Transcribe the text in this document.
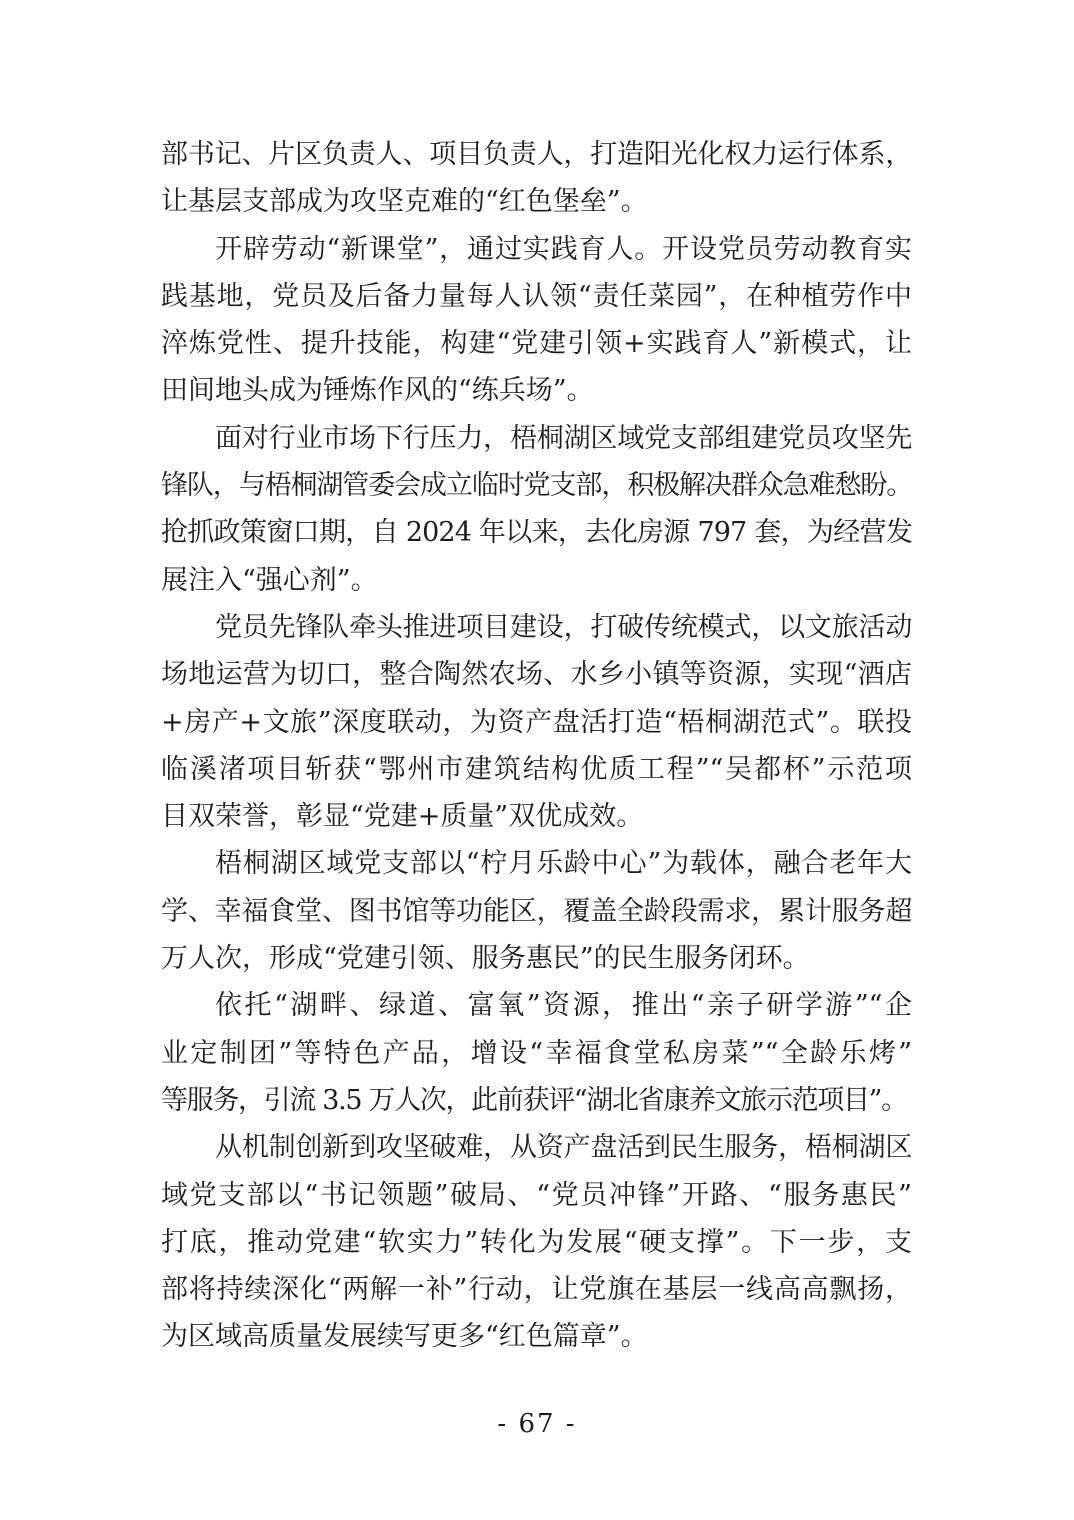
部书记、片区负责人、项目负责人，打造阳光化权力运行体系，
让基层支部成为攻坚克难的“红色堡垒”。
开辟劳动“新课堂”，通过实践育人。开设党员劳动教育实
践基地，党员及后备力量每人认领“责任菜园”，在种植劳作中
淬炼党性、提升技能，构建“党建引领+实践育人”新模式，让
田间地头成为锤炼作风的“练兵场”。
面对行业市场下行压力，梧桐湖区域党支部组建党员攻坚先
锋队，与梧桐湖管委会成立临时党支部，积极解决群众急难愁盼。
抢抓政策窗口期，自 2024 年以来，去化房源 797 套，为经营发
展注入“强心剂”。
党员先锋队牵头推进项目建设，打破传统模式，以文旅活动
场地运营为切口，整合陶然农场、水乡小镇等资源，实现“酒店
+房产+文旅”深度联动，为资产盘活打造“梧桐湖范式”。联投
临溪渚项目斩获“鄂州市建筑结构优质工程”“吴都杯”示范项
目双荣誉，彰显“党建+质量”双优成效。
梧桐湖区域党支部以“柠月乐龄中心”为载体，融合老年大
学、幸福食堂、图书馆等功能区，覆盖全龄段需求，累计服务超
万人次，形成“党建引领、服务惠民”的民生服务闭环。
依托“湖畔、绿道、富氧”资源，推出“亲子研学游”“企
业定制团”等特色产品，增设“幸福食堂私房菜”“全龄乐烤”
等服务，引流 3.5 万人次，此前获评“湖北省康养文旅示范项目”。
从机制创新到攻坚破难，从资产盘活到民生服务，梧桐湖区
域党支部以“书记领题”破局、“党员冲锋”开路、“服务惠民”
打底，推动党建“软实力”转化为发展“硬支撑”。下一步，支
部将持续深化“两解一补”行动，让党旗在基层一线高高飘扬，
为区域高质量发展续写更多“红色篇章”。
- 67 -
